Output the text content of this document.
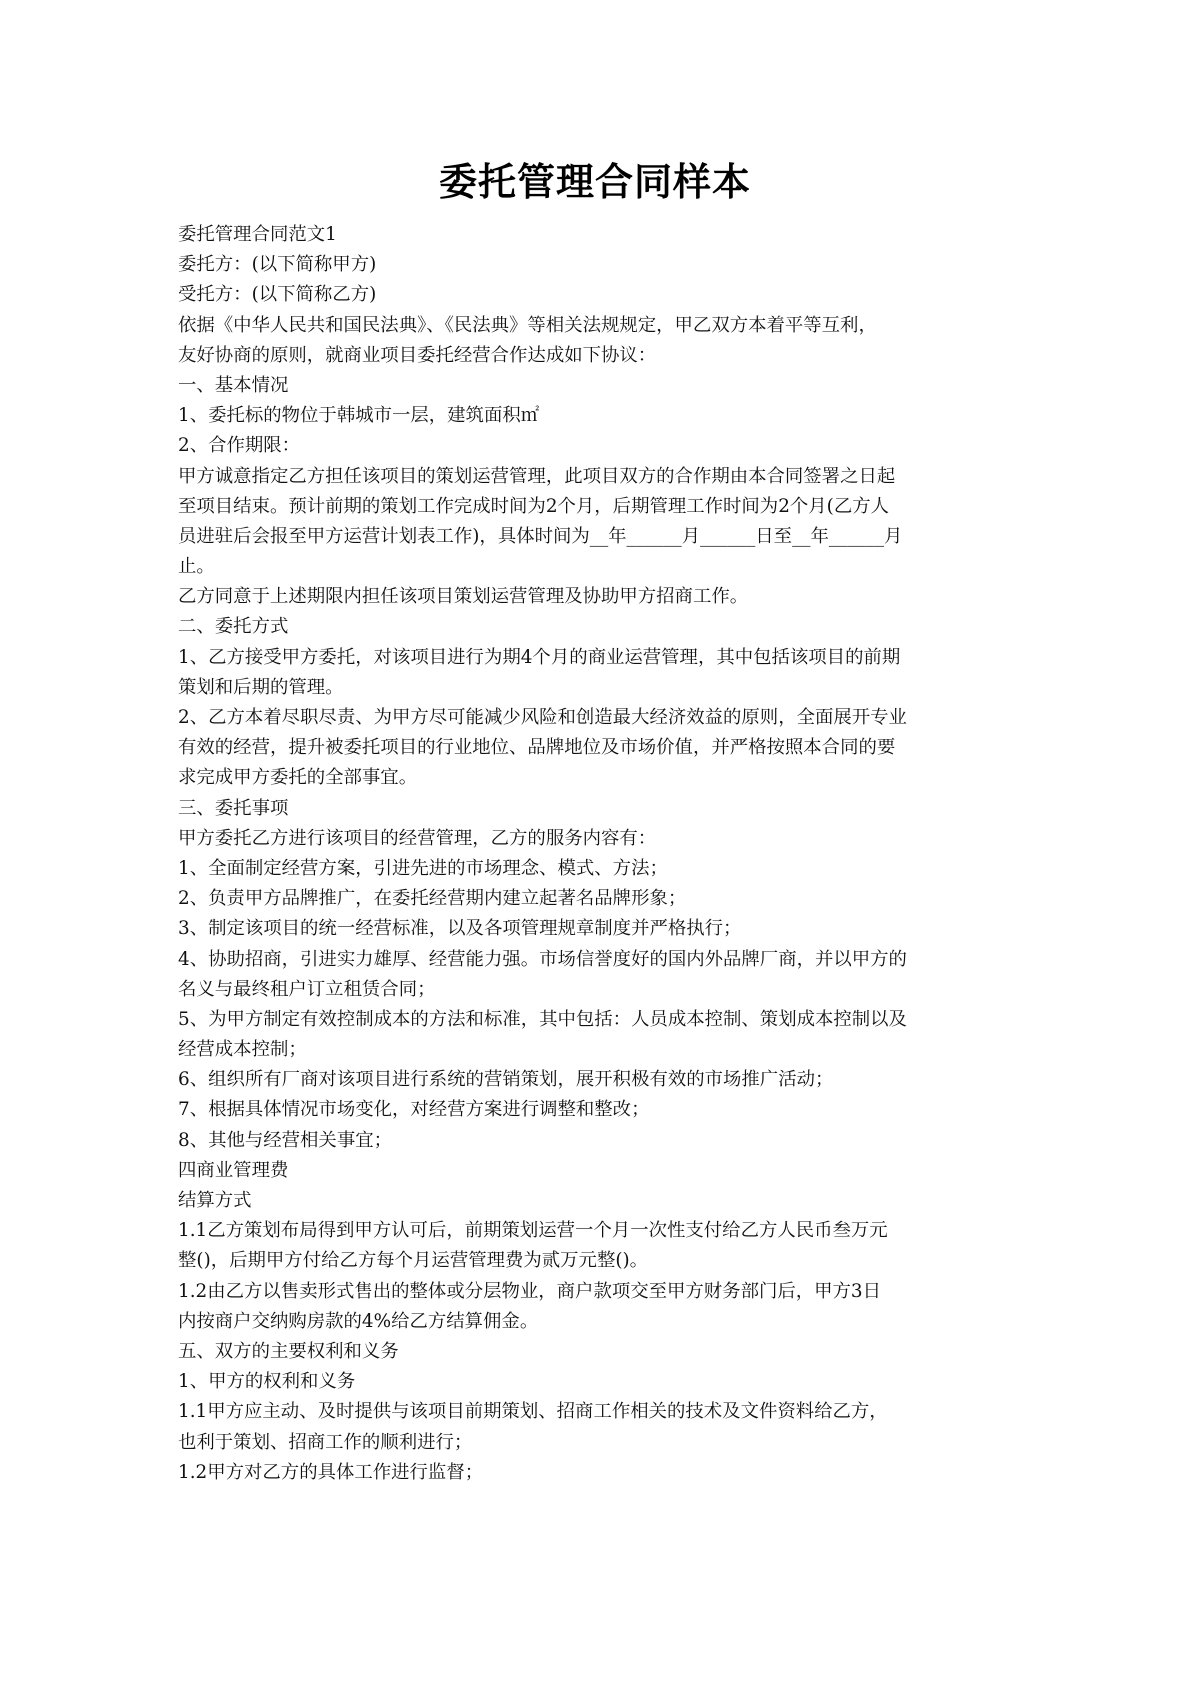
委托管理合同样本
委托管理合同范文1
委托方：(以下简称甲方)
受托方：(以下简称乙方)
依据《中华人民共和国民法典》、《民法典》等相关法规规定，甲乙双方本着平等互利，
友好协商的原则，就商业项目委托经营合作达成如下协议：
一、基本情况
1、委托标的物位于韩城市一层，建筑面积㎡
2、合作期限：
甲方诚意指定乙方担任该项目的策划运营管理，此项目双方的合作期由本合同签署之日起
至项目结束。预计前期的策划工作完成时间为2个月，后期管理工作时间为2个月(乙方人
员进驻后会报至甲方运营计划表工作)，具体时间为__年______月______日至__年______月
止。
乙方同意于上述期限内担任该项目策划运营管理及协助甲方招商工作。
二、委托方式
1、乙方接受甲方委托，对该项目进行为期4个月的商业运营管理，其中包括该项目的前期
策划和后期的管理。
2、乙方本着尽职尽责、为甲方尽可能减少风险和创造最大经济效益的原则，全面展开专业
有效的经营，提升被委托项目的行业地位、品牌地位及市场价值，并严格按照本合同的要
求完成甲方委托的全部事宜。
三、委托事项
甲方委托乙方进行该项目的经营管理，乙方的服务内容有：
1、全面制定经营方案，引进先进的市场理念、模式、方法；
2、负责甲方品牌推广，在委托经营期内建立起著名品牌形象；
3、制定该项目的统一经营标准，以及各项管理规章制度并严格执行；
4、协助招商，引进实力雄厚、经营能力强。市场信誉度好的国内外品牌厂商，并以甲方的
名义与最终租户订立租赁合同；
5、为甲方制定有效控制成本的方法和标准，其中包括：人员成本控制、策划成本控制以及
经营成本控制；
6、组织所有厂商对该项目进行系统的营销策划，展开积极有效的市场推广活动；
7、根据具体情况市场变化，对经营方案进行调整和整改；
8、其他与经营相关事宜；
四商业管理费
结算方式
1.1乙方策划布局得到甲方认可后，前期策划运营一个月一次性支付给乙方人民币叁万元
整()，后期甲方付给乙方每个月运营管理费为贰万元整()。
1.2由乙方以售卖形式售出的整体或分层物业，商户款项交至甲方财务部门后，甲方3日
内按商户交纳购房款的4%给乙方结算佣金。
五、双方的主要权利和义务
1、甲方的权利和义务
1.1甲方应主动、及时提供与该项目前期策划、招商工作相关的技术及文件资料给乙方，
也利于策划、招商工作的顺利进行；
1.2甲方对乙方的具体工作进行监督；
